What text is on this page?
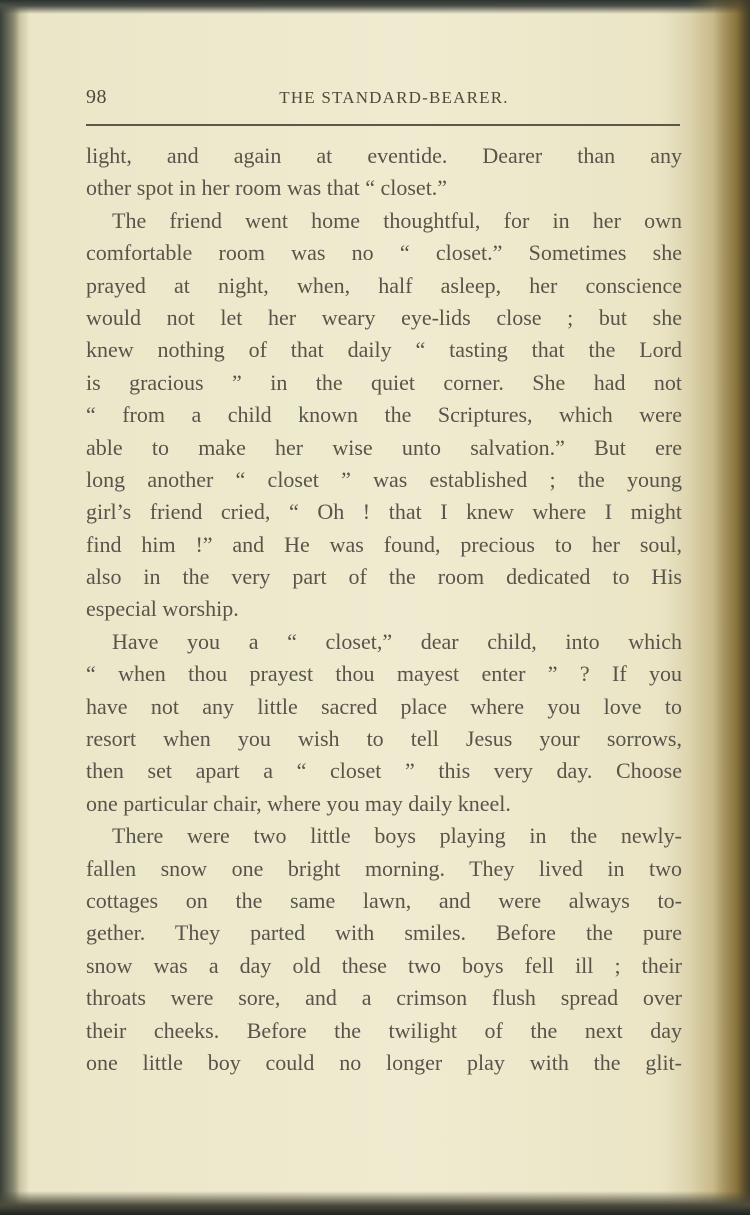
98	THE STANDARD-BEARER.
light, and again at eventide. Dearer than any
other spot in her room was that “ closet.”
The friend went home thoughtful, for in her own
comfortable room was no “ closet.” Sometimes she
prayed at night, when, half asleep, her conscience
would not let her weary eye-lids close ; but she
knew nothing of that daily “ tasting that the Lord
is gracious ” in the quiet corner. She had not
“ from a child known the Scriptures, which were
able to make her wise unto salvation.” But ere
long another “ closet ” was established ; the young
girl’s friend cried, “ Oh ! that I knew where I might
find him !” and He was found, precious to her soul,
also in the very part of the room dedicated to His
especial worship.
Have you a “ closet,” dear child, into which
“ when thou prayest thou mayest enter ” ? If you
have not any little sacred place where you love to
resort when you wish to tell Jesus your sorrows,
then set apart a “ closet ” this very day. Choose
one particular chair, where you may daily kneel.
There were two little boys playing in the newly-
fallen snow one bright morning. They lived in two
cottages on the same lawn, and were always to-
gether. They parted with smiles. Before the pure
snow was a day old these two boys fell ill ; their
throats were sore, and a crimson flush spread over
their cheeks. Before the twilight of the next day
one little boy could no longer play with the glit-
